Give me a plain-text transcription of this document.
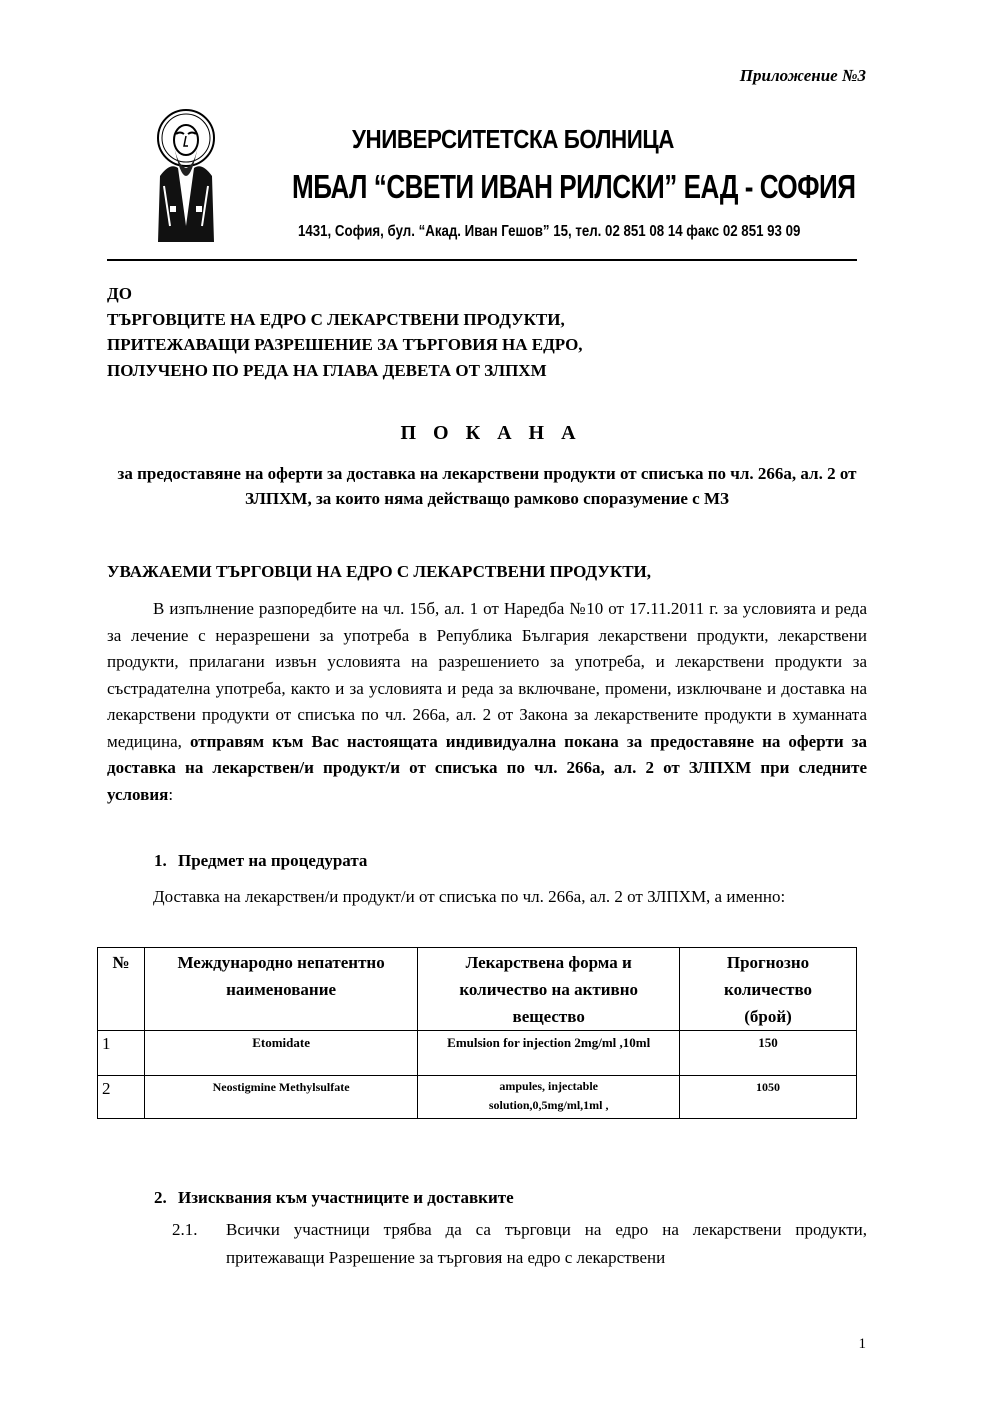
Приложение №3
УНИВЕРСИТЕТСКА БОЛНИЦА
МБАЛ “СВЕТИ ИВАН РИЛСКИ” ЕАД - СОФИЯ
1431, София, бул. “Акад. Иван Гешов” 15, тел. 02 851 08 14 факс 02 851 93 09
ДО
ТЪРГОВЦИТЕ НА ЕДРО С ЛЕКАРСТВЕНИ ПРОДУКТИ,
ПРИТЕЖАВАЩИ РАЗРЕШЕНИЕ ЗА ТЪРГОВИЯ НА ЕДРО,
ПОЛУЧЕНО ПО РЕДА НА ГЛАВА ДЕВЕТА ОТ ЗЛПХМ
П О К А Н А
за предоставяне на оферти за доставка на лекарствени продукти от списъка по чл. 266а, ал. 2 от ЗЛПХМ, за които няма действащо рамково споразумение с МЗ
УВАЖАЕМИ ТЪРГОВЦИ НА ЕДРО С ЛЕКАРСТВЕНИ ПРОДУКТИ,
В изпълнение разпоредбите на чл. 15б, ал. 1 от Наредба №10 от 17.11.2011 г. за условията и реда за лечение с неразрешени за употреба в Република България лекарствени продукти, лекарствени продукти, прилагани извън условията на разрешението за употреба, и лекарствени продукти за състрадателна употреба, както и за условията и реда за включване, промени, изключване и доставка на лекарствени продукти от списъка по чл. 266а, ал. 2 от Закона за лекарствените продукти в хуманната медицина, отправям към Вас настоящата индивидуална покана за предоставяне на оферти за доставка на лекарствен/и продукт/и от списъка по чл. 266а, ал. 2 от ЗЛПХМ при следните условия:
1. Предмет на процедурата
Доставка на лекарствен/и продукт/и от списъка по чл. 266а, ал. 2 от ЗЛПХМ, а именно:
№	Международно непатентно наименование	Лекарствена форма и количество на активно вещество	Прогнозно количество (брой)
1	Etomidate	Emulsion for injection 2mg/ml ,10ml	150
2	Neostigmine Methylsulfate	ampules, injectable solution,0,5mg/ml,1ml ,	1050
2. Изисквания към участниците и доставките
2.1. Всички участници трябва да са търговци на едро на лекарствени продукти, притежаващи Разрешение за търговия на едро с лекарствени
1
